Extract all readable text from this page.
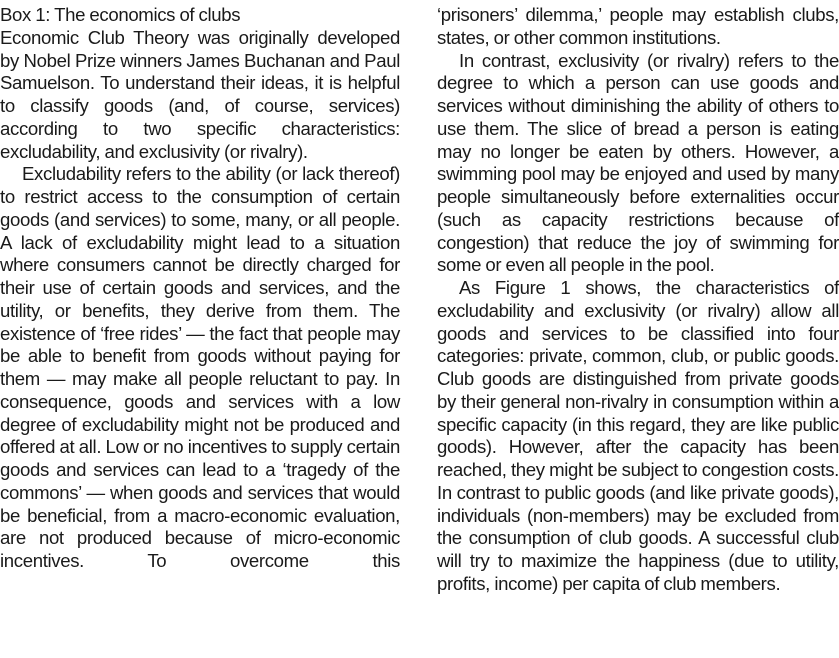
Box 1: The economics of clubs

Economic Club Theory was originally developed by Nobel Prize winners James Buchanan and Paul Samuelson. To understand their ideas, it is helpful to classify goods (and, of course, services) according to two specific characteristics: excludability, and exclusivity (or rivalry).

Excludability refers to the ability (or lack thereof) to restrict access to the consumption of certain goods (and services) to some, many, or all people. A lack of excludability might lead to a situation where consumers cannot be directly charged for their use of certain goods and services, and the utility, or benefits, they derive from them. The existence of ‘free rides’ — the fact that people may be able to benefit from goods without paying for them — may make all people reluctant to pay. In consequence, goods and services with a low degree of excludability might not be produced and offered at all. Low or no incentives to supply certain goods and services can lead to a ‘tragedy of the commons’ — when goods and services that would be beneficial, from a macro-economic evaluation, are not produced because of micro-economic incentives. To overcome this

‘prisoners’ dilemma,’ people may establish clubs, states, or other common institutions.

In contrast, exclusivity (or rivalry) refers to the degree to which a person can use goods and services without diminishing the ability of others to use them. The slice of bread a person is eating may no longer be eaten by others. However, a swimming pool may be enjoyed and used by many people simultaneously before externalities occur (such as capacity restrictions because of congestion) that reduce the joy of swimming for some or even all people in the pool.

As Figure 1 shows, the characteristics of excludability and exclusivity (or rivalry) allow all goods and services to be classified into four categories: private, common, club, or public goods. Club goods are distinguished from private goods by their general non-rivalry in consumption within a specific capacity (in this regard, they are like public goods). However, after the capacity has been reached, they might be subject to congestion costs. In contrast to public goods (and like private goods), individuals (non-members) may be excluded from the consumption of club goods. A successful club will try to maximize the happiness (due to utility, profits, income) per capita of club members.
